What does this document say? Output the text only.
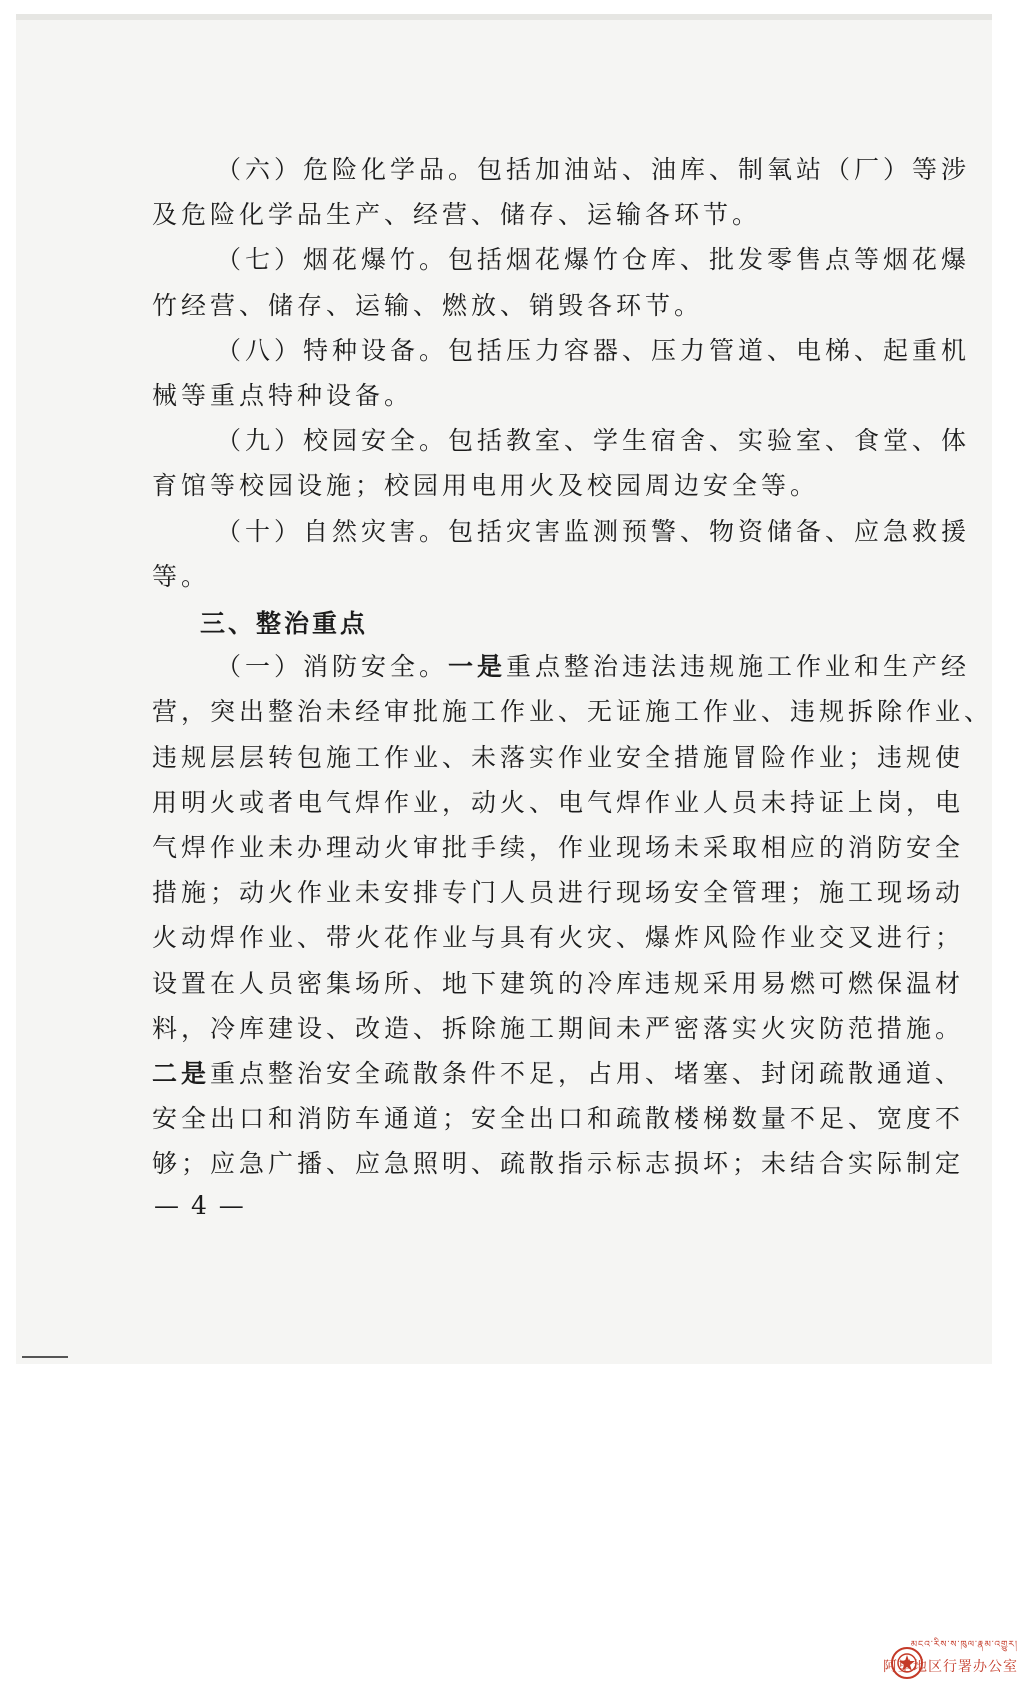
（六）危险化学品。包括加油站、油库、制氧站（厂）等涉
及危险化学品生产、经营、储存、运输各环节。
（七）烟花爆竹。包括烟花爆竹仓库、批发零售点等烟花爆
竹经营、储存、运输、燃放、销毁各环节。
（八）特种设备。包括压力容器、压力管道、电梯、起重机
械等重点特种设备。
（九）校园安全。包括教室、学生宿舍、实验室、食堂、体
育馆等校园设施；校园用电用火及校园周边安全等。
（十）自然灾害。包括灾害监测预警、物资储备、应急救援
等。
三、整治重点
（一）消防安全。一是重点整治违法违规施工作业和生产经
营，突出整治未经审批施工作业、无证施工作业、违规拆除作业、
违规层层转包施工作业、未落实作业安全措施冒险作业；违规使
用明火或者电气焊作业，动火、电气焊作业人员未持证上岗，电
气焊作业未办理动火审批手续，作业现场未采取相应的消防安全
措施；动火作业未安排专门人员进行现场安全管理；施工现场动
火动焊作业、带火花作业与具有火灾、爆炸风险作业交叉进行；
设置在人员密集场所、地下建筑的冷库违规采用易燃可燃保温材
料，冷库建设、改造、拆除施工期间未严密落实火灾防范措施。
二是重点整治安全疏散条件不足，占用、堵塞、封闭疏散通道、
安全出口和消防车通道；安全出口和疏散楼梯数量不足、宽度不
够；应急广播、应急照明、疏散指示标志损坏；未结合实际制定
— 4 —
མངའ་རིས་ས་ཁུལ་རྣམ་འགྱུར།
阿里地区行署办公室
